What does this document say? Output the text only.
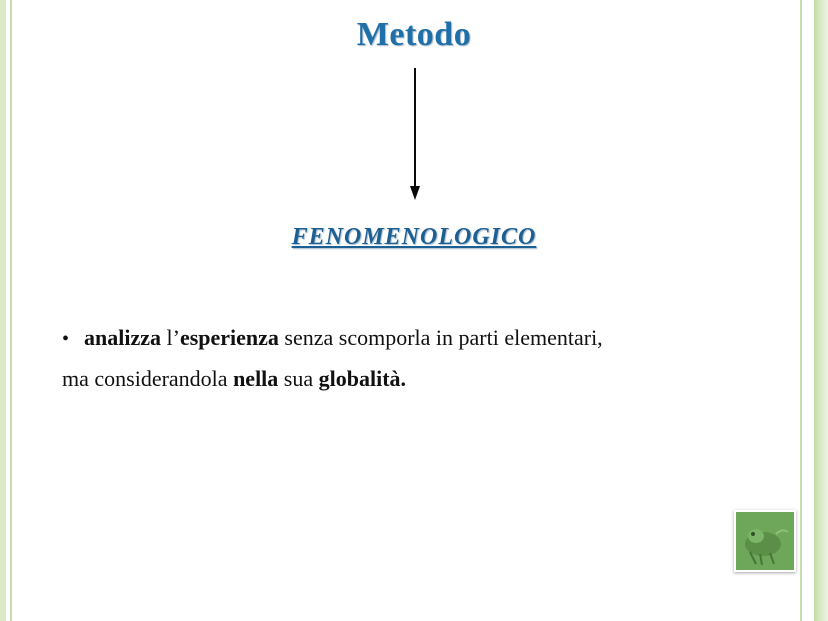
Metodo
FENOMENOLOGICO
• analizza l’esperienza senza scomporla in parti elementari,
ma considerandola nella sua globalità.
